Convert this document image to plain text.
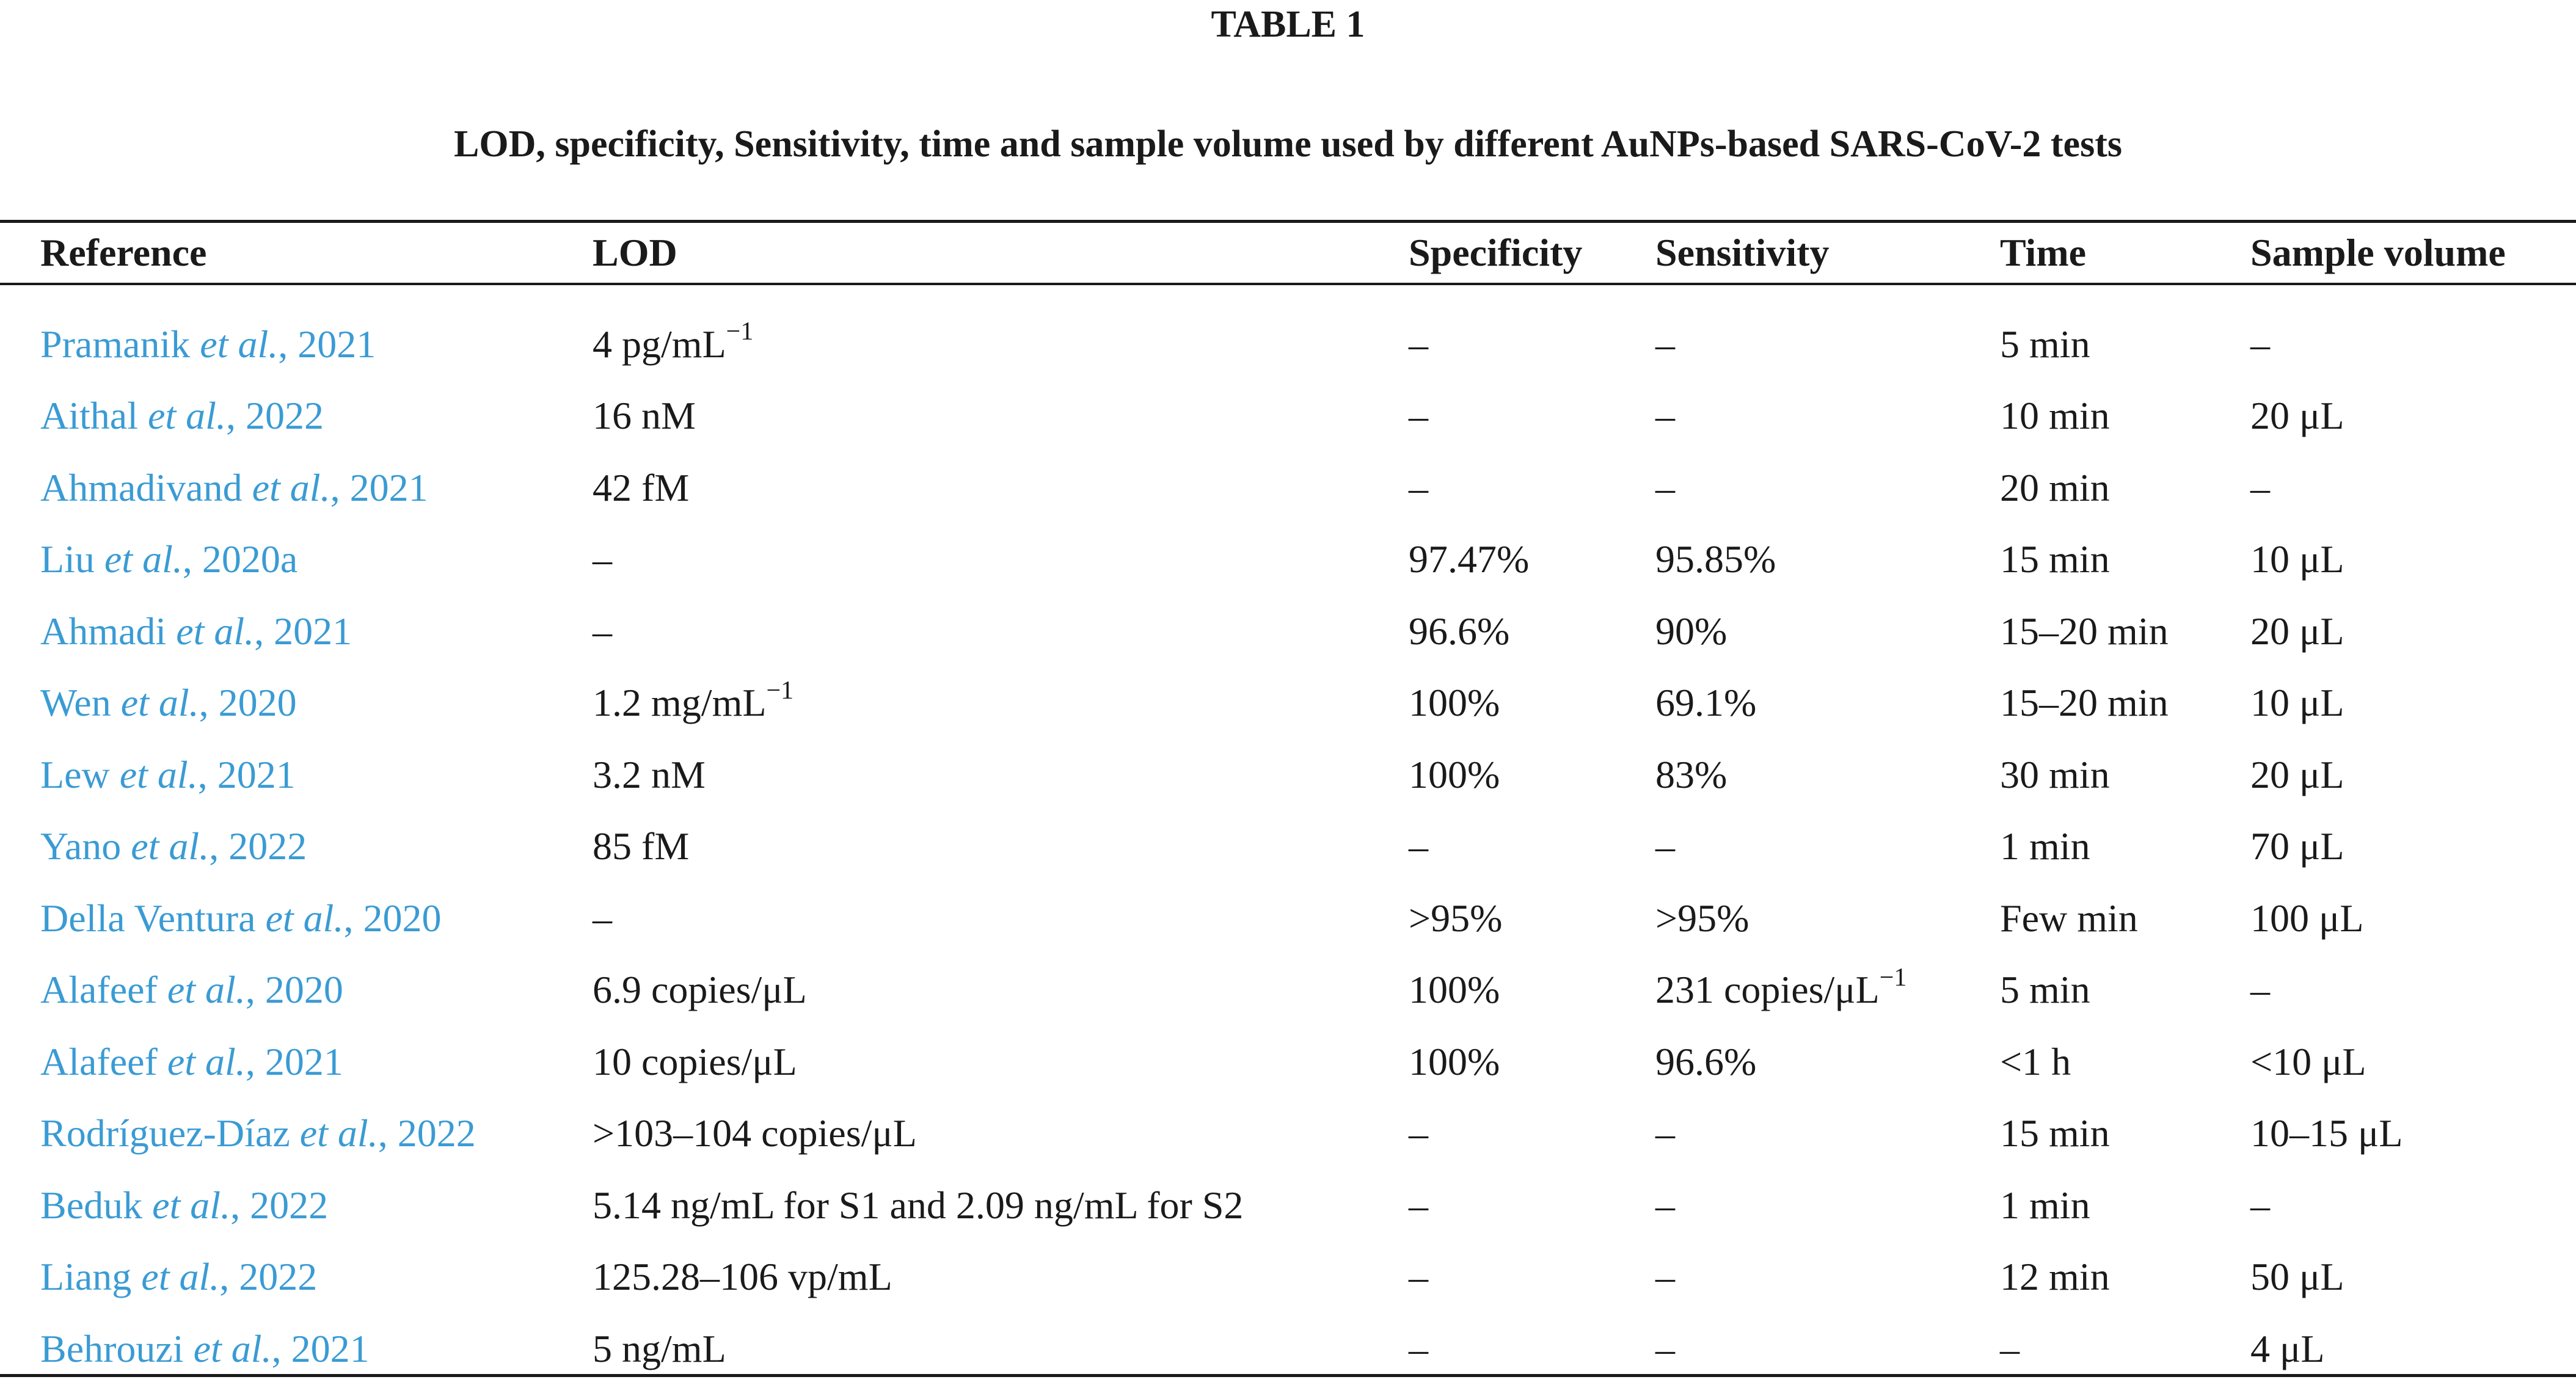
TABLE 1
LOD, specificity, Sensitivity, time and sample volume used by different AuNPs-based SARS-CoV-2 tests
Reference	LOD	Specificity	Sensitivity	Time	Sample volume

Pramanik et al., 2021	4 $pg/mL^{-1}$	–	–	5 min	–
Aithal et al., 2022	16 nM	–	–	10 min	20 μL
Ahmadivand et al., 2021	42 fM	–	–	20 min	–
Liu et al., 2020a	–	97.47%	95.85%	15 min	10 μL
Ahmadi et al., 2021	–	96.6%	90%	15–20 min	20 μL
Wen et al., 2020	1.2 $mg/mL^{-1}$	100%	69.1%	15–20 min	10 μL
Lew et al., 2021	3.2 nM	100%	83%	30 min	20 μL
Yano et al., 2022	85 fM	–	–	1 min	70 μL
Della Ventura et al., 2020	–	>95%	>95%	Few min	100 μL
Alafeef et al., 2020	6.9 copies/μL	100%	231 copies/$\mu L^{-1}$	5 min	–
Alafeef et al., 2021	10 copies/μL	100%	96.6%	<1 h	<10 μL
Rodríguez-Díaz et al., 2022	>103–104 copies/μL	–	–	15 min	10–15 μL
Beduk et al., 2022	5.14 ng/mL for S1 and 2.09 ng/mL for S2	–	–	1 min	–
Liang et al., 2022	125.28–106 vp/mL	–	–	12 min	50 μL
Behrouzi et al., 2021	5 ng/mL	–	–	–	4 μL
